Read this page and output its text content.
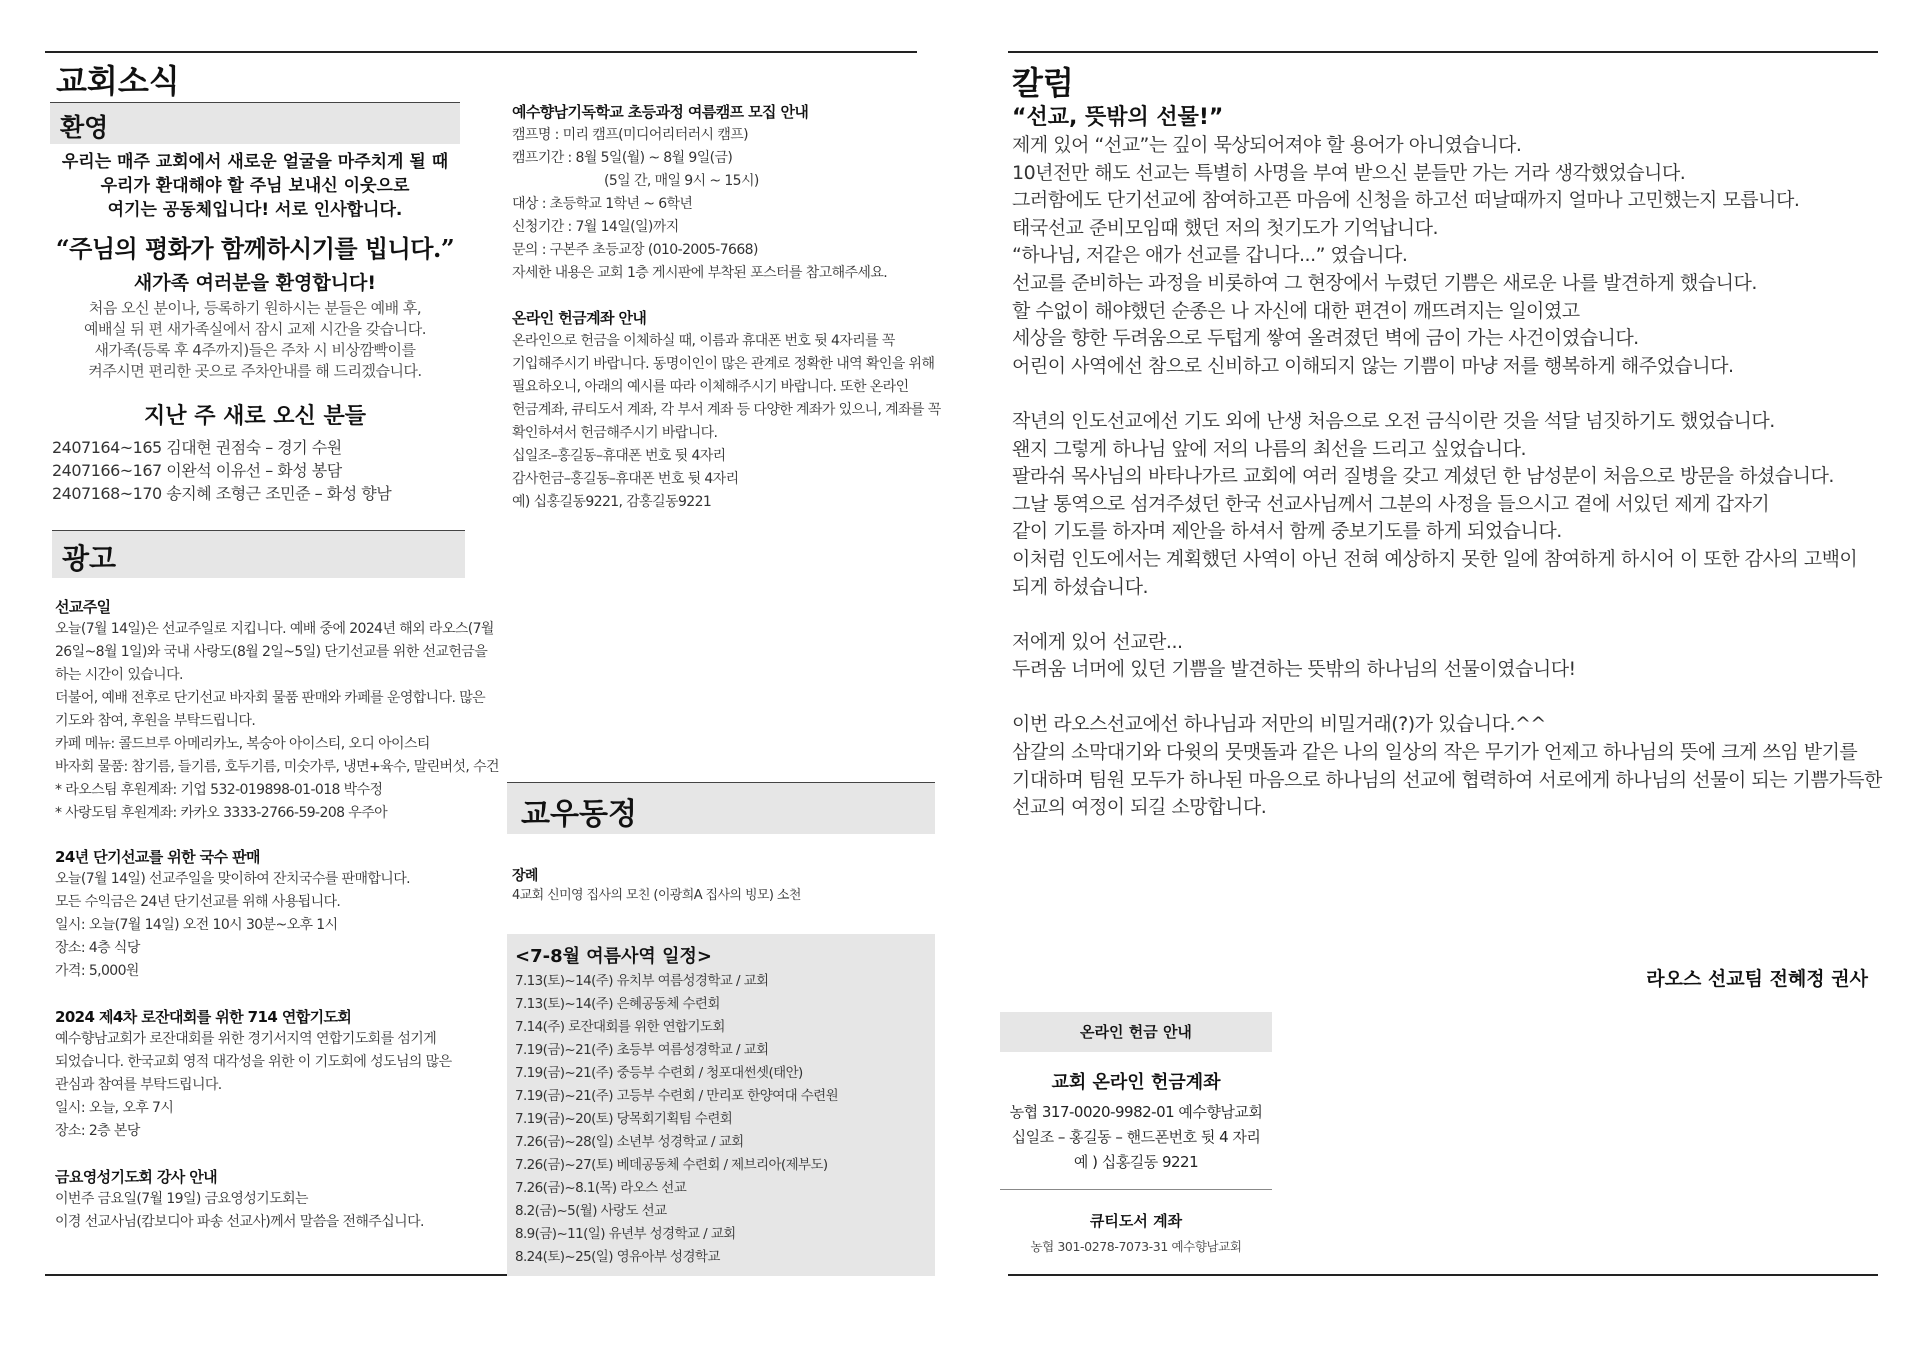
교회소식
환영
우리는 매주 교회에서 새로운 얼굴을 마주치게 될 때
우리가 환대해야 할 주님 보내신 이웃으로
여기는 공동체입니다! 서로 인사합니다.
“주님의 평화가 함께하시기를 빕니다.”
새가족 여러분을 환영합니다!
처음 오신 분이나, 등록하기 원하시는 분들은 예배 후,
예배실 뒤 편 새가족실에서 잠시 교제 시간을 갖습니다.
새가족(등록 후 4주까지)들은 주차 시 비상깜빡이를
켜주시면 편리한 곳으로 주차안내를 해 드리겠습니다.
지난 주 새로 오신 분들
2407164~165 김대현 권점숙 – 경기 수원
2407166~167 이완석 이유선 – 화성 봉담
2407168~170 송지혜 조형근 조민준 – 화성 향남
광고
선교주일
오늘(7월 14일)은 선교주일로 지킵니다. 예배 중에 2024년 해외 라오스(7월
26일~8월 1일)와 국내 사랑도(8월 2일~5일) 단기선교를 위한 선교헌금을
하는 시간이 있습니다.
더불어, 예배 전후로 단기선교 바자회 물품 판매와 카페를 운영합니다. 많은
기도와 참여, 후원을 부탁드립니다.
카페 메뉴: 콜드브루 아메리카노, 복숭아 아이스티, 오디 아이스티
바자회 물품: 참기름, 들기름, 호두기름, 미숫가루, 냉면+육수, 말린버섯, 수건
* 라오스팀 후원계좌: 기업 532-019898-01-018 박수정
* 사랑도팀 후원계좌: 카카오 3333-2766-59-208 우주아
24년 단기선교를 위한 국수 판매
오늘(7월 14일) 선교주일을 맞이하여 잔치국수를 판매합니다.
모든 수익금은 24년 단기선교를 위해 사용됩니다.
일시: 오늘(7월 14일) 오전 10시 30분~오후 1시
장소: 4층 식당
가격: 5,000원
2024 제4차 로잔대회를 위한 714 연합기도회
예수향남교회가 로잔대회를 위한 경기서지역 연합기도회를 섬기게
되었습니다. 한국교회 영적 대각성을 위한 이 기도회에 성도님의 많은
관심과 참여를 부탁드립니다.
일시: 오늘, 오후 7시
장소: 2층 본당
금요영성기도회 강사 안내
이번주 금요일(7월 19일) 금요영성기도회는
이경 선교사님(캄보디아 파송 선교사)께서 말씀을 전해주십니다.
예수향남기독학교 초등과정 여름캠프 모집 안내
캠프명 : 미리 캠프(미디어리터러시 캠프)
캠프기간 : 8월 5일(월) ~ 8월 9일(금)
(5일 간, 매일 9시 ~ 15시)
대상 : 초등학교 1학년 ~ 6학년
신청기간 : 7월 14일(일)까지
문의 : 구본주 초등교장 (010-2005-7668)
자세한 내용은 교회 1층 게시판에 부착된 포스터를 참고해주세요.
온라인 헌금계좌 안내
온라인으로 헌금을 이체하실 때, 이름과 휴대폰 번호 뒷 4자리를 꼭
기입해주시기 바랍니다. 동명이인이 많은 관계로 정확한 내역 확인을 위해
필요하오니, 아래의 예시를 따라 이체해주시기 바랍니다. 또한 온라인
헌금계좌, 큐티도서 계좌, 각 부서 계좌 등 다양한 계좌가 있으니, 계좌를 꼭
확인하셔서 헌금해주시기 바랍니다.
십일조–홍길동–휴대폰 번호 뒷 4자리
감사헌금–홍길동–휴대폰 번호 뒷 4자리
예) 십홍길동9221, 감홍길동9221
교우동정
장례
4교회 신미영 집사의 모친 (이광희A 집사의 빙모) 소천
<7-8월 여름사역 일정>
7.13(토)~14(주) 유치부 여름성경학교 / 교회
7.13(토)~14(주) 은혜공동체 수련회
7.14(주) 로잔대회를 위한 연합기도회
7.19(금)~21(주) 초등부 여름성경학교 / 교회
7.19(금)~21(주) 중등부 수련회 / 청포대썬셋(태안)
7.19(금)~21(주) 고등부 수련회 / 만리포 한양여대 수련원
7.19(금)~20(토) 당목회기획팀 수련회
7.26(금)~28(일) 소년부 성경학교 / 교회
7.26(금)~27(토) 베데공동체 수련회 / 제브리아(제부도)
7.26(금)~8.1(목) 라오스 선교
8.2(금)~5(월) 사랑도 선교
8.9(금)~11(일) 유년부 성경학교 / 교회
8.24(토)~25(일) 영유아부 성경학교
칼럼
“선교, 뜻밖의 선물!”
제게 있어 “선교”는 깊이 묵상되어져야 할 용어가 아니였습니다.
10년전만 해도 선교는 특별히 사명을 부여 받으신 분들만 가는 거라 생각했었습니다.
그러함에도 단기선교에 참여하고픈 마음에 신청을 하고선 떠날때까지 얼마나 고민했는지 모릅니다.
태국선교 준비모임때 했던 저의 첫기도가 기억납니다.
“하나님, 저같은 애가 선교를 갑니다...” 였습니다.
선교를 준비하는 과정을 비롯하여 그 현장에서 누렸던 기쁨은 새로운 나를 발견하게 했습니다.
할 수없이 해야했던 순종은 나 자신에 대한 편견이 깨뜨려지는 일이였고
세상을 향한 두려움으로 두텁게 쌓여 올려졌던 벽에 금이 가는 사건이였습니다.
어린이 사역에선 참으로 신비하고 이해되지 않는 기쁨이 마냥 저를 행복하게 해주었습니다.
작년의 인도선교에선 기도 외에 난생 처음으로 오전 금식이란 것을 석달 넘짓하기도 했었습니다.
왠지 그렇게 하나님 앞에 저의 나름의 최선을 드리고 싶었습니다.
팔라쉬 목사님의 바타나가르 교회에 여러 질병을 갖고 계셨던 한 남성분이 처음으로 방문을 하셨습니다.
그날 통역으로 섬겨주셨던 한국 선교사님께서 그분의 사정을 들으시고 곁에 서있던 제게 갑자기
같이 기도를 하자며 제안을 하셔서 함께 중보기도를 하게 되었습니다.
이처럼 인도에서는 계획했던 사역이 아닌 전혀 예상하지 못한 일에 참여하게 하시어 이 또한 감사의 고백이
되게 하셨습니다.
저에게 있어 선교란...
두려움 너머에 있던 기쁨을 발견하는 뜻밖의 하나님의 선물이였습니다!
이번 라오스선교에선 하나님과 저만의 비밀거래(?)가 있습니다.^^
삼갈의 소막대기와 다윗의 뭇맷돌과 같은 나의 일상의 작은 무기가 언제고 하나님의 뜻에 크게 쓰임 받기를
기대하며 팀원 모두가 하나된 마음으로 하나님의 선교에 협력하여 서로에게 하나님의 선물이 되는 기쁨가득한
선교의 여정이 되길 소망합니다.
라오스 선교팀 전혜정 권사
온라인 헌금 안내
교회 온라인 헌금계좌
농협 317-0020-9982-01 예수향남교회
십일조 – 홍길동 – 핸드폰번호 뒷 4 자리
예 ) 십홍길동 9221
큐티도서 계좌
농협 301-0278-7073-31 예수향남교회
